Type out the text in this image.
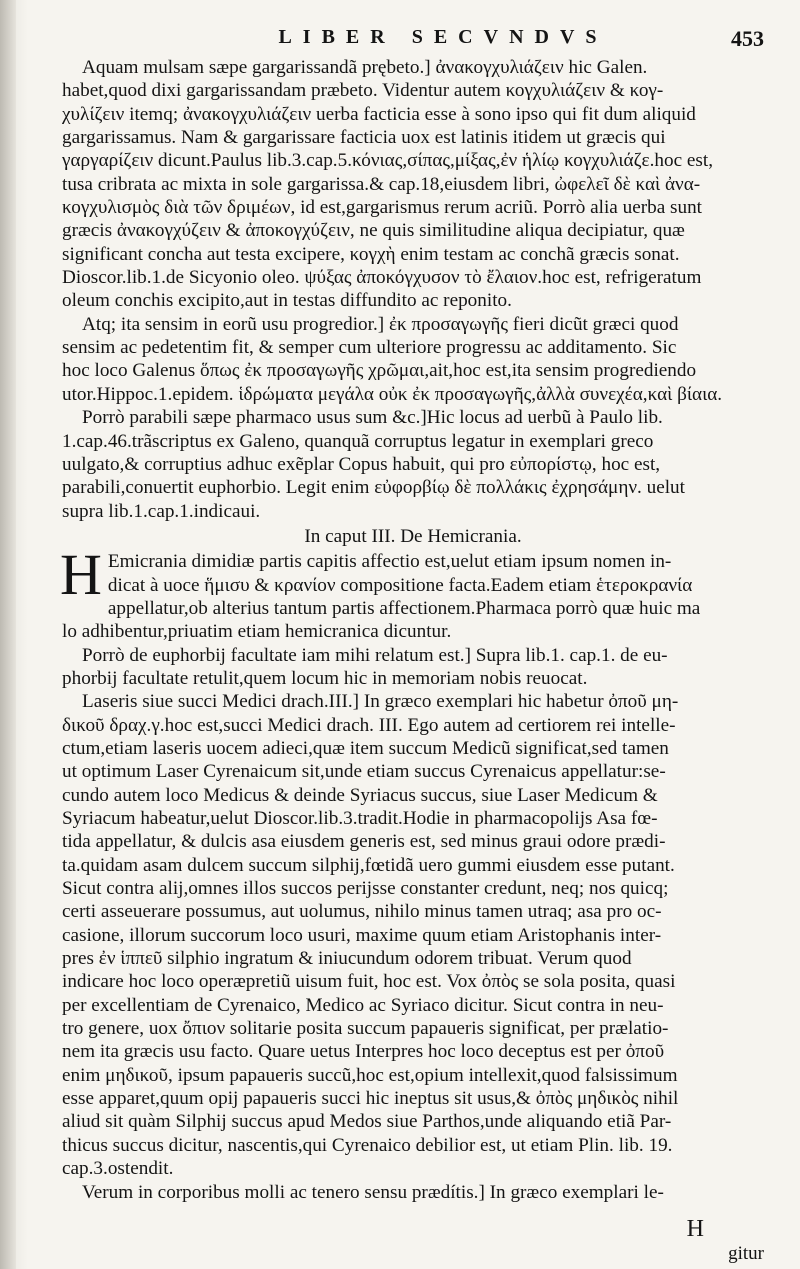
LIBER SECVNDVS	453

Aquam mulsam sæpe gargarissandã prębeto.] ἀνακογχυλιάζειν hic Galen.
habet,quod dixi gargarissandam præbeto. Videntur autem κογχυλιάζειν & κογ-
χυλίζειν itemq; ἀνακογχυλιάζειν uerba facticia esse à sono ipso qui fit dum aliquid
gargarissamus. Nam & gargarissare facticia uox est latinis itidem ut græcis qui
γαργαρίζειν dicunt.Paulus lib.3.cap.5.κόνιας,σίπας,μίξας,ἐν ἡλίῳ κογχυλιάζε.hoc est,
tusa cribrata ac mixta in sole gargarissa.& cap.18,eiusdem libri, ὠφελεῖ δὲ καὶ ἀνα-
κογχυλισμὸς διὰ τῶν δριμέων, id est,gargarismus rerum acriũ. Porrò alia uerba sunt
græcis ἀνακογχύζειν & ἀποκογχύζειν, ne quis similitudine aliqua decipiatur, quæ
significant concha aut testa excipere, κογχὴ enim testam ac conchã græcis sonat.
Dioscor.lib.1.de Sicyonio oleo. ψύξας ἀποκόγχυσον τὸ ἔλαιον.hoc est, refrigeratum
oleum conchis excipito,aut in testas diffundito ac reponito.

Atq; ita sensim in eorũ usu progredior.] ἐκ προσαγωγῆς fieri dicũt græci quod
sensim ac pedetentim fit, & semper cum ulteriore progressu ac additamento. Sic
hoc loco Galenus ὅπως ἐκ προσαγωγῆς χρῶμαι,ait,hoc est,ita sensim progrediendo
utor.Hippoc.1.epidem. ἱδρώματα μεγάλα οὐκ ἐκ προσαγωγῆς,ἀλλὰ συνεχέα,καὶ βίαια.

Porrò parabili sæpe pharmaco usus sum &c.]Hic locus ad uerbũ à Paulo lib.
1.cap.46.trãscriptus ex Galeno, quanquã corruptus legatur in exemplari greco
uulgato,& corruptius adhuc exẽplar Copus habuit, qui pro εὐπορίστῳ, hoc est,
parabili,conuertit euphorbio. Legit enim εὐφορβίῳ δὲ πολλάκις ἐχρησάμην. uelut
supra lib.1.cap.1.indicaui.

In caput III. De Hemicrania.

H Emicrania dimidiæ partis capitis affectio est,uelut etiam ipsum nomen in-
dicat à uoce ἥμισυ & κρανίον compositione facta.Eadem etiam ἑτεροκρανία
appellatur,ob alterius tantum partis affectionem.Pharmaca porrò quæ huic ma
lo adhibentur,priuatim etiam hemicranica dicuntur.

Porrò de euphorbij facultate iam mihi relatum est.] Supra lib.1. cap.1. de eu-
phorbij facultate retulit,quem locum hic in memoriam nobis reuocat.

Laseris siue succi Medici drach.III.] In græco exemplari hic habetur ὀποῦ μη-
δικοῦ δραχ.γ.hoc est,succi Medici drach. III. Ego autem ad certiorem rei intelle-
ctum,etiam laseris uocem adieci,quæ item succum Medicũ significat,sed tamen
ut optimum Laser Cyrenaicum sit,unde etiam succus Cyrenaicus appellatur:se-
cundo autem loco Medicus & deinde Syriacus succus, siue Laser Medicum &
Syriacum habeatur,uelut Dioscor.lib.3.tradit.Hodie in pharmacopolijs Asa fœ-
tida appellatur, & dulcis asa eiusdem generis est, sed minus graui odore prædi-
ta.quidam asam dulcem succum silphij,fœtidã uero gummi eiusdem esse putant.
Sicut contra alij,omnes illos succos perijsse constanter credunt, neq; nos quicq;
certi asseuerare possumus, aut uolumus, nihilo minus tamen utraq; asa pro oc-
casione, illorum succorum loco usuri, maxime quum etiam Aristophanis inter-
pres ἐν ἱππεῦ silphio ingratum & iniucundum odorem tribuat. Verum quod
indicare hoc loco operæpretiũ uisum fuit, hoc est. Vox ὀπὸς se sola posita, quasi
per excellentiam de Cyrenaico, Medico ac Syriaco dicitur. Sicut contra in neu-
tro genere, uox ὄπιον solitarie posita succum papaueris significat, per prælatio-
nem ita græcis usu facto. Quare uetus Interpres hoc loco deceptus est per ὀποῦ
enim μηδικοῦ, ipsum papaueris succũ,hoc est,opium intellexit,quod falsissimum
esse apparet,quum opij papaueris succi hic ineptus sit usus,& ὀπὸς μηδικὸς nihil
aliud sit quàm Silphij succus apud Medos siue Parthos,unde aliquando etiã Par-
thicus succus dicitur, nascentis,qui Cyrenaico debilior est, ut etiam Plin. lib. 19.
cap.3.ostendit.

Verum in corporibus molli ac tenero sensu prædítis.] In græco exemplari le-

H
gitur
